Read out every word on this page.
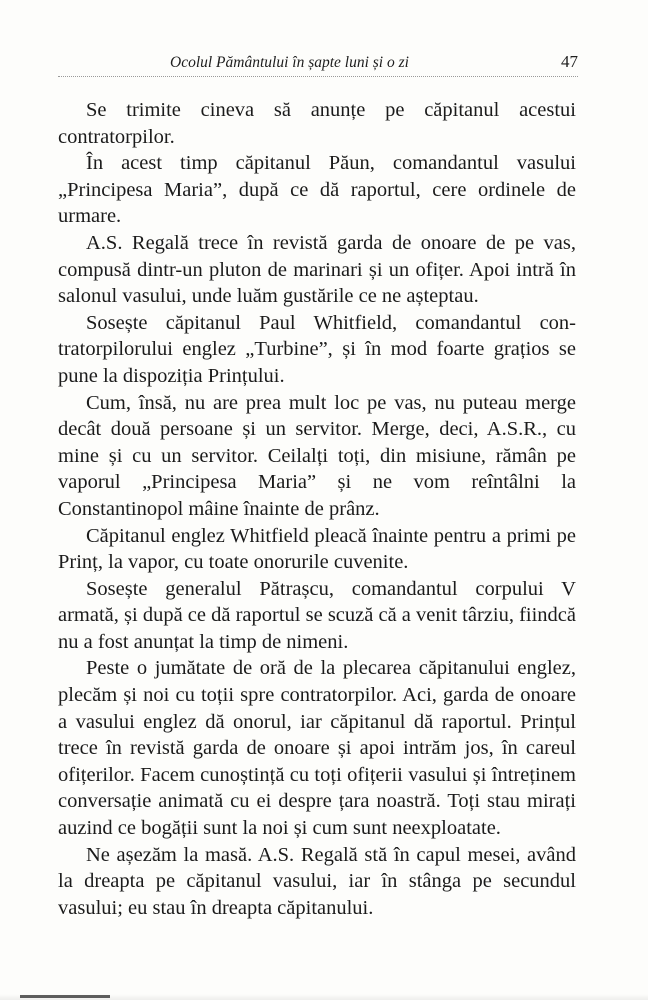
Ocolul Pământului în șapte luni și o zi	47

Se trimite cineva să anunțe pe căpitanul acestui contratorpilor.

În acest timp căpitanul Păun, comandantul vasului „Principesa Maria”, după ce dă raportul, cere ordinele de urmare.

A.S. Regală trece în revistă garda de onoare de pe vas, compusă dintr-un pluton de marinari și un ofițer. Apoi intră în salonul vasului, unde luăm gustările ce ne așteptau.

Sosește căpitanul Paul Whitfield, comandantul contratorpilorului englez „Turbine”, și în mod foarte grațios se pune la dispoziția Prințului.

Cum, însă, nu are prea mult loc pe vas, nu puteau merge decât două persoane și un servitor. Merge, deci, A.S.R., cu mine și cu un servitor. Ceilalți toți, din misiune, rămân pe vaporul „Principesa Maria” și ne vom reîntâlni la Constantinopol mâine înainte de prânz.

Căpitanul englez Whitfield pleacă înainte pentru a primi pe Prinț, la vapor, cu toate onorurile cuvenite.

Sosește generalul Pătrașcu, comandantul corpului V armată, și după ce dă raportul se scuză că a venit târziu, fiindcă nu a fost anunțat la timp de nimeni.

Peste o jumătate de oră de la plecarea căpitanului englez, plecăm și noi cu toții spre contratorpilor. Aci, garda de onoare a vasului englez dă onorul, iar căpitanul dă raportul. Prințul trece în revistă garda de onoare și apoi intrăm jos, în careul ofițerilor. Facem cunoștință cu toți ofițerii vasului și întreținem conversație animată cu ei despre țara noastră. Toți stau mirați auzind ce bogății sunt la noi și cum sunt neexploatate.

Ne așezăm la masă. A.S. Regală stă în capul mesei, având la dreapta pe căpitanul vasului, iar în stânga pe secundul vasului; eu stau în dreapta căpitanului.
